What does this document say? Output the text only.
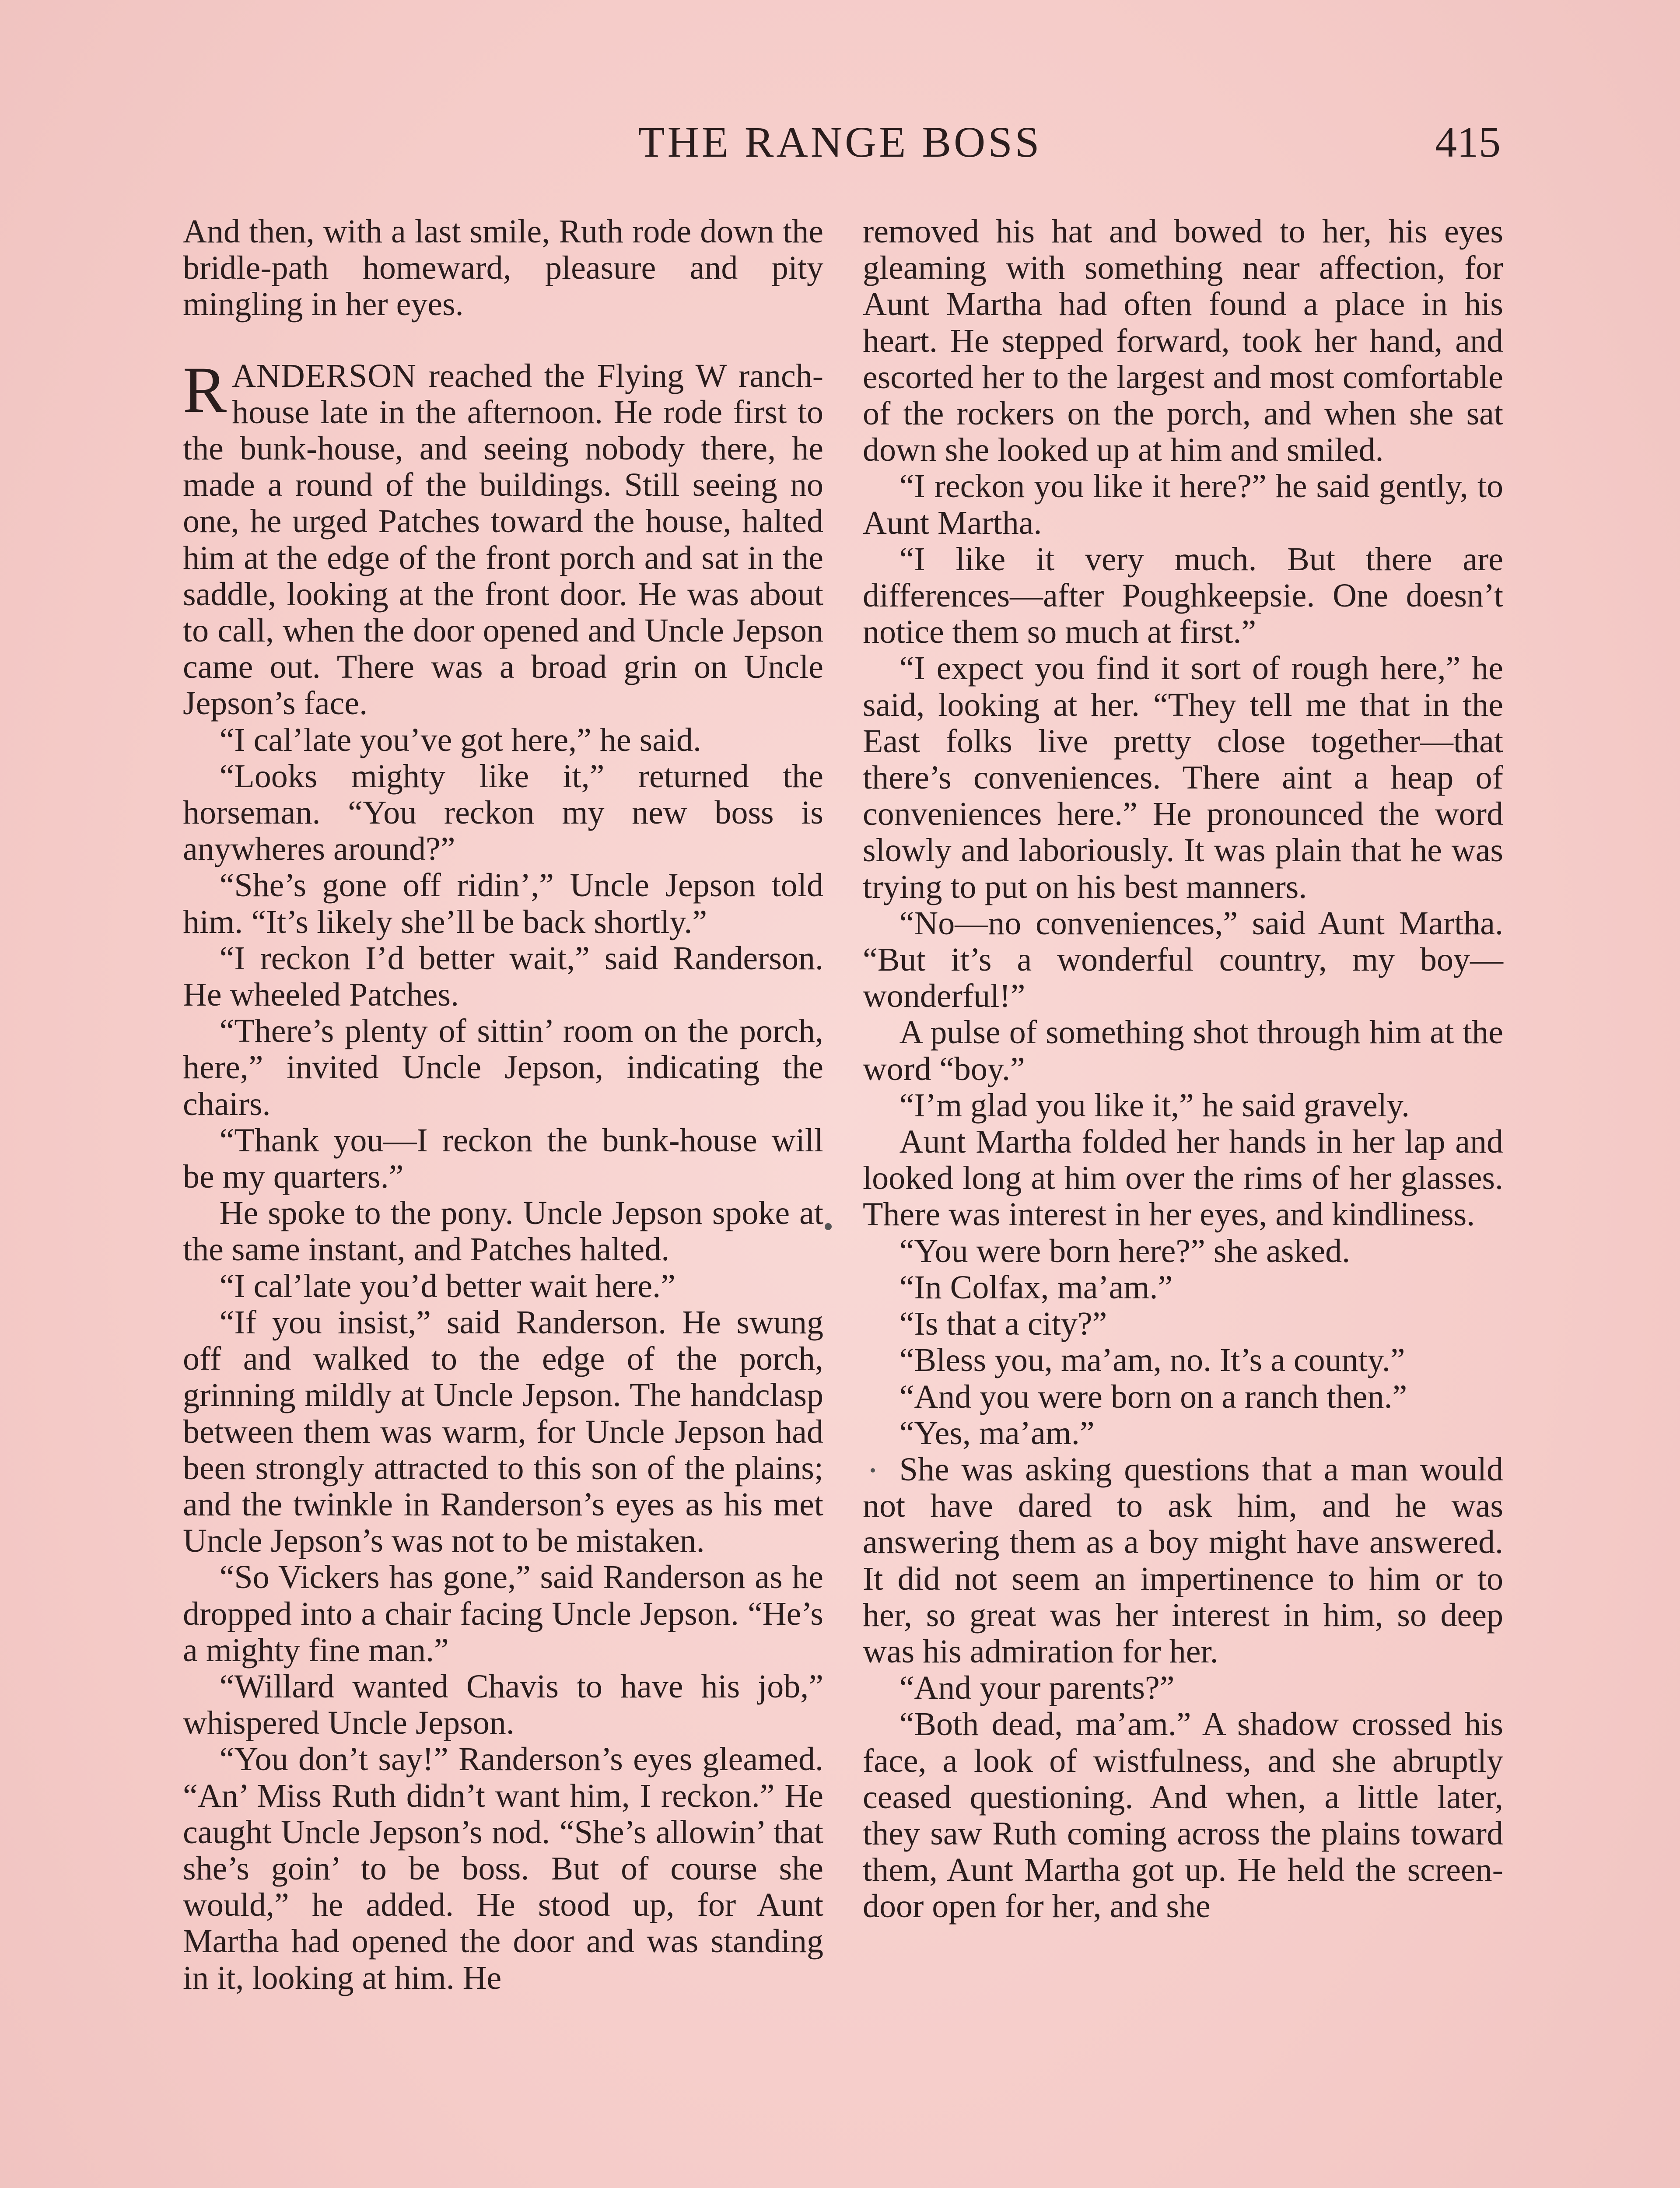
THE RANGE BOSS	415

And then, with a last smile, Ruth rode down the bridle-path homeward, pleasure and pity mingling in her eyes.

RANDERSON reached the Flying W ranch-house late in the afternoon. He rode first to the bunk-house, and seeing nobody there, he made a round of the buildings. Still seeing no one, he urged Patches toward the house, halted him at the edge of the front porch and sat in the saddle, looking at the front door. He was about to call, when the door opened and Uncle Jepson came out. There was a broad grin on Uncle Jepson’s face.

“I cal’late you’ve got here,” he said.

“Looks mighty like it,” returned the horseman. “You reckon my new boss is anywheres around?”

“She’s gone off ridin’,” Uncle Jepson told him. “It’s likely she’ll be back shortly.”

“I reckon I’d better wait,” said Randerson. He wheeled Patches.

“There’s plenty of sittin’ room on the porch, here,” invited Uncle Jepson, indicating the chairs.

“Thank you—I reckon the bunk-house will be my quarters.”

He spoke to the pony. Uncle Jepson spoke at the same instant, and Patches halted.

“I cal’late you’d better wait here.”

“If you insist,” said Randerson. He swung off and walked to the edge of the porch, grinning mildly at Uncle Jepson. The handclasp between them was warm, for Uncle Jepson had been strongly attracted to this son of the plains; and the twinkle in Randerson’s eyes as his met Uncle Jepson’s was not to be mistaken.

“So Vickers has gone,” said Randerson as he dropped into a chair facing Uncle Jepson. “He’s a mighty fine man.”

“Willard wanted Chavis to have his job,” whispered Uncle Jepson.

“You don’t say!” Randerson’s eyes gleamed. “An’ Miss Ruth didn’t want him, I reckon.” He caught Uncle Jepson’s nod. “She’s allowin’ that she’s goin’ to be boss. But of course she would,” he added. He stood up, for Aunt Martha had opened the door and was standing in it, looking at him. He

removed his hat and bowed to her, his eyes gleaming with something near affection, for Aunt Martha had often found a place in his heart. He stepped forward, took her hand, and escorted her to the largest and most comfortable of the rockers on the porch, and when she sat down she looked up at him and smiled.

“I reckon you like it here?” he said gently, to Aunt Martha.

“I like it very much. But there are differences—after Poughkeepsie. One doesn’t notice them so much at first.”

“I expect you find it sort of rough here,” he said, looking at her. “They tell me that in the East folks live pretty close together—that there’s conveniences. There aint a heap of conveniences here.” He pronounced the word slowly and laboriously. It was plain that he was trying to put on his best manners.

“No—no conveniences,” said Aunt Martha. “But it’s a wonderful country, my boy—wonderful!”

A pulse of something shot through him at the word “boy.”

“I’m glad you like it,” he said gravely.

Aunt Martha folded her hands in her lap and looked long at him over the rims of her glasses. There was interest in her eyes, and kindliness.

“You were born here?” she asked.

“In Colfax, ma’am.”

“Is that a city?”

“Bless you, ma’am, no. It’s a county.”

“And you were born on a ranch then.”

“Yes, ma’am.”

She was asking questions that a man would not have dared to ask him, and he was answering them as a boy might have answered. It did not seem an impertinence to him or to her, so great was her interest in him, so deep was his admiration for her.

“And your parents?”

“Both dead, ma’am.” A shadow crossed his face, a look of wistfulness, and she abruptly ceased questioning. And when, a little later, they saw Ruth coming across the plains toward them, Aunt Martha got up. He held the screen-door open for her, and she
